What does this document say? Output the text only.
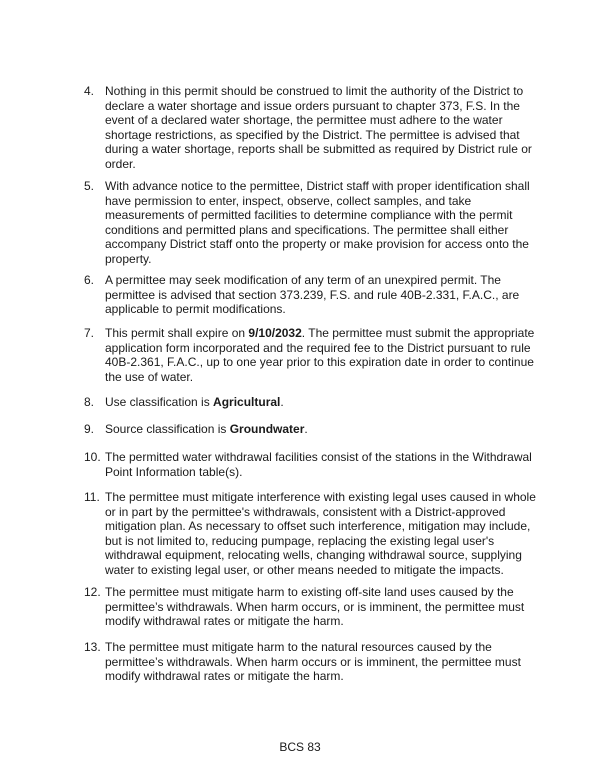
4. Nothing in this permit should be construed to limit the authority of the District to declare a water shortage and issue orders pursuant to chapter 373, F.S. In the event of a declared water shortage, the permittee must adhere to the water shortage restrictions, as specified by the District. The permittee is advised that during a water shortage, reports shall be submitted as required by District rule or order.
5. With advance notice to the permittee, District staff with proper identification shall have permission to enter, inspect, observe, collect samples, and take measurements of permitted facilities to determine compliance with the permit conditions and permitted plans and specifications. The permittee shall either accompany District staff onto the property or make provision for access onto the property.
6. A permittee may seek modification of any term of an unexpired permit. The permittee is advised that section 373.239, F.S. and rule 40B-2.331, F.A.C., are applicable to permit modifications.
7. This permit shall expire on 9/10/2032. The permittee must submit the appropriate application form incorporated and the required fee to the District pursuant to rule 40B-2.361, F.A.C., up to one year prior to this expiration date in order to continue the use of water.
8. Use classification is Agricultural.
9. Source classification is Groundwater.
10. The permitted water withdrawal facilities consist of the stations in the Withdrawal Point Information table(s).
11. The permittee must mitigate interference with existing legal uses caused in whole or in part by the permittee's withdrawals, consistent with a District-approved mitigation plan. As necessary to offset such interference, mitigation may include, but is not limited to, reducing pumpage, replacing the existing legal user's withdrawal equipment, relocating wells, changing withdrawal source, supplying water to existing legal user, or other means needed to mitigate the impacts.
12. The permittee must mitigate harm to existing off-site land uses caused by the permittee’s withdrawals. When harm occurs, or is imminent, the permittee must modify withdrawal rates or mitigate the harm.
13. The permittee must mitigate harm to the natural resources caused by the permittee’s withdrawals. When harm occurs or is imminent, the permittee must modify withdrawal rates or mitigate the harm.
BCS 83
